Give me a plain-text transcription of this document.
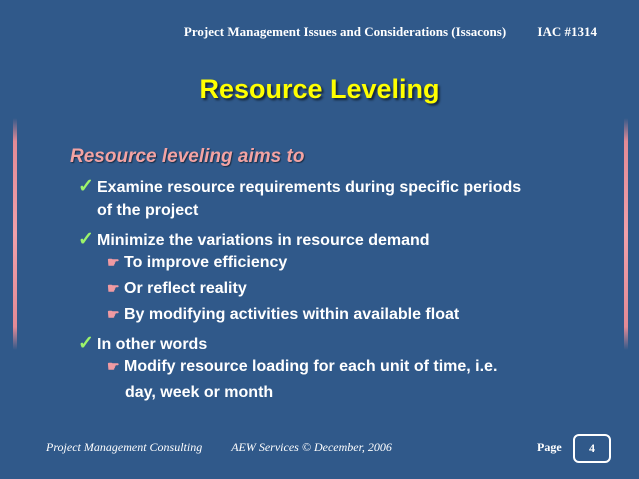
Project Management Issues and Considerations (Issacons) IAC #1314
Resource Leveling
Resource leveling aims to
✓ Examine resource requirements during specific periods
of the project
✓ Minimize the variations in resource demand
☛ To improve efficiency
☛ Or reflect reality
☛ By modifying activities within available float
✓ In other words
☛ Modify resource loading for each unit of time, i.e.
day, week or month
Project Management Consulting AEW Services © December, 2006	Page 4
